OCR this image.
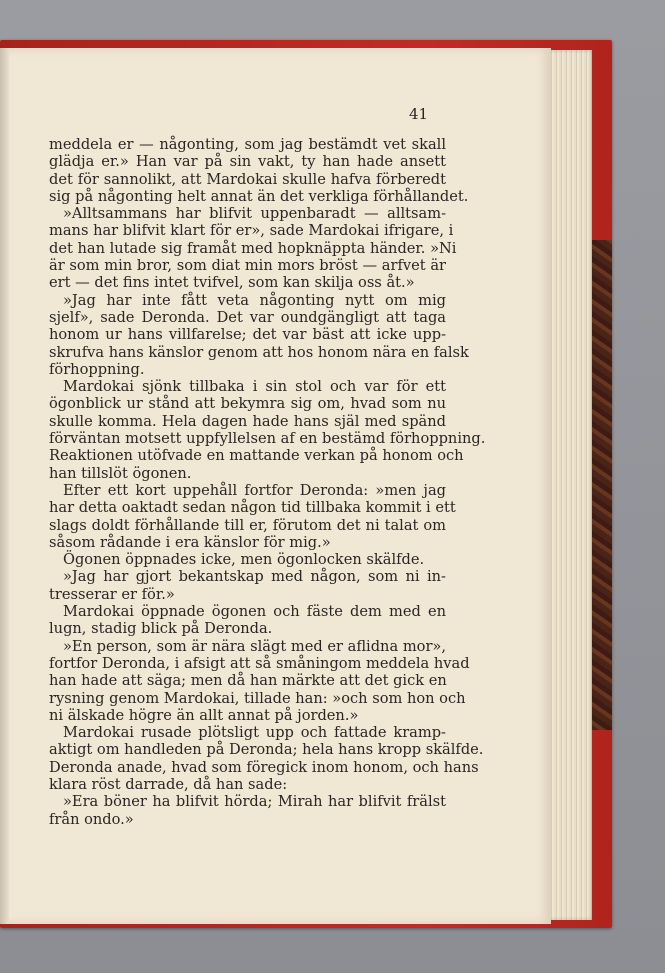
41
meddela er — någonting, som jag bestämdt vet skall
glädja er.» Han var på sin vakt, ty han hade ansett
det för sannolikt, att Mardokai skulle hafva förberedt
sig på någonting helt annat än det verkliga förhållandet.
»Alltsammans har blifvit uppenbaradt — alltsam-
mans har blifvit klart för er», sade Mardokai ifrigare, i
det han lutade sig framåt med hopknäppta händer. »Ni
är som min bror, som diat min mors bröst — arfvet är
ert — det fins intet tvifvel, som kan skilja oss åt.»
»Jag har inte fått veta någonting nytt om mig
sjelf», sade Deronda. Det var oundgängligt att taga
honom ur hans villfarelse; det var bäst att icke upp-
skrufva hans känslor genom att hos honom nära en falsk
förhoppning.
Mardokai sjönk tillbaka i sin stol och var för ett
ögonblick ur stånd att bekymra sig om, hvad som nu
skulle komma. Hela dagen hade hans själ med spänd
förväntan motsett uppfyllelsen af en bestämd förhoppning.
Reaktionen utöfvade en mattande verkan på honom och
han tillslöt ögonen.
Efter ett kort uppehåll fortfor Deronda: »men jag
har detta oaktadt sedan någon tid tillbaka kommit i ett
slags doldt förhållande till er, förutom det ni talat om
såsom rådande i era känslor för mig.»
Ögonen öppnades icke, men ögonlocken skälfde.
»Jag har gjort bekantskap med någon, som ni in-
tresserar er för.»
Mardokai öppnade ögonen och fäste dem med en
lugn, stadig blick på Deronda.
»En person, som är nära slägt med er aflidna mor»,
fortfor Deronda, i afsigt att så småningom meddela hvad
han hade att säga; men då han märkte att det gick en
rysning genom Mardokai, tillade han: »och som hon och
ni älskade högre än allt annat på jorden.»
Mardokai rusade plötsligt upp och fattade kramp-
aktigt om handleden på Deronda; hela hans kropp skälfde.
Deronda anade, hvad som föregick inom honom, och hans
klara röst darrade, då han sade:
»Era böner ha blifvit hörda; Mirah har blifvit frälst
från ondo.»
